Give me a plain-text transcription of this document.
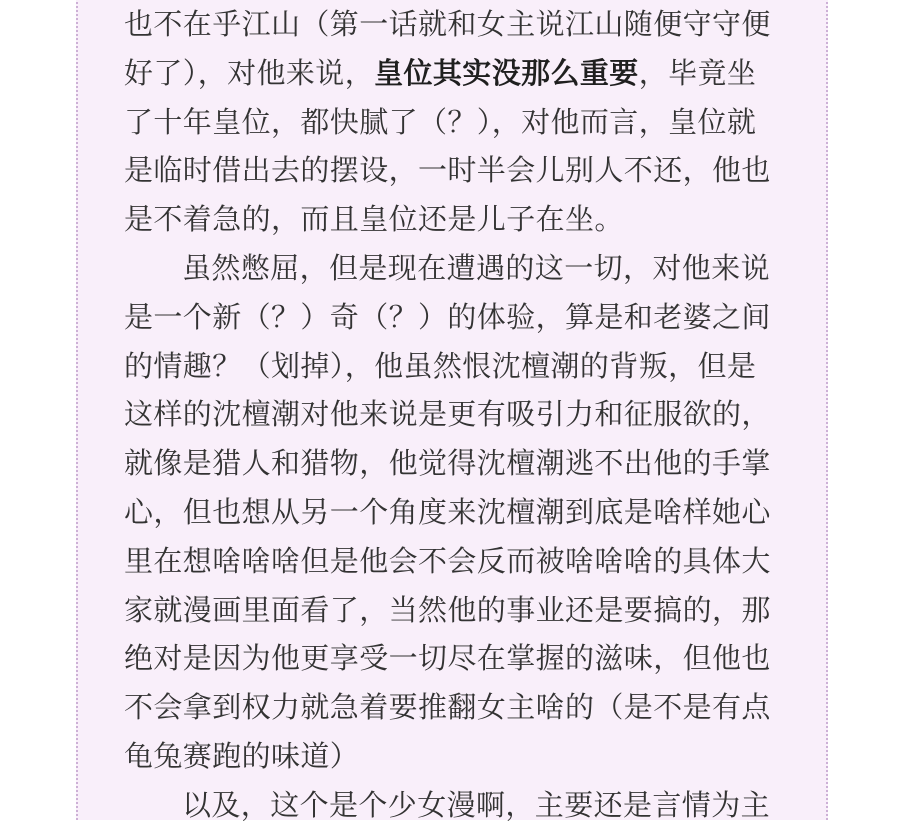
也不在乎江山（第一话就和女主说江山随便守守便
好了），对他来说，皇位其实没那么重要，毕竟坐
了十年皇位，都快腻了（？），对他而言，皇位就
是临时借出去的摆设，一时半会儿别人不还，他也
是不着急的，而且皇位还是儿子在坐。
虽然憋屈，但是现在遭遇的这一切，对他来说
是一个新（？）奇（？）的体验，算是和老婆之间
的情趣？（划掉），他虽然恨沈檀潮的背叛，但是
这样的沈檀潮对他来说是更有吸引力和征服欲的，
就像是猎人和猎物，他觉得沈檀潮逃不出他的手掌
心，但也想从另一个角度来沈檀潮到底是啥样她心
里在想啥啥啥但是他会不会反而被啥啥啥的具体大
家就漫画里面看了，当然他的事业还是要搞的，那
绝对是因为他更享受一切尽在掌握的滋味，但他也
不会拿到权力就急着要推翻女主啥的（是不是有点
龟兔赛跑的味道）
以及，这个是个少女漫啊，主要还是言情为主
